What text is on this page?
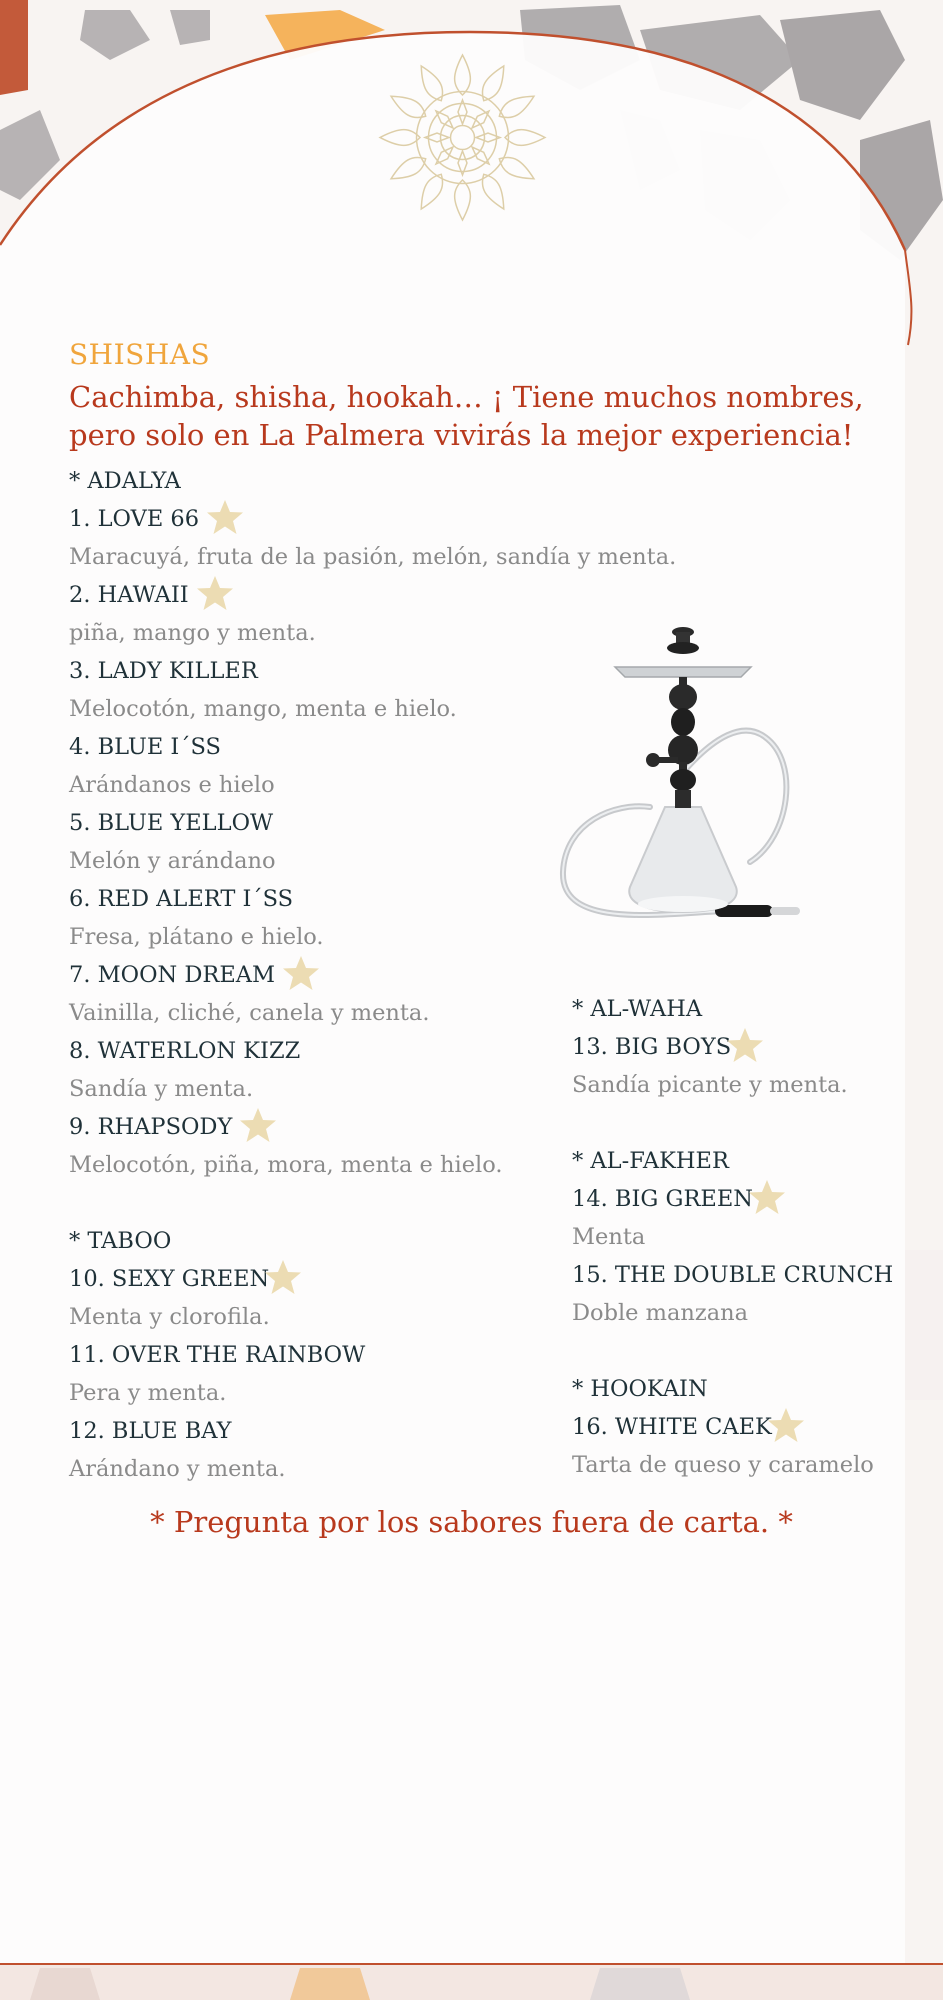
SHISHAS
Cachimba, shisha, hookah… ¡ Tiene muchos nombres, pero solo en La Palmera vivirás la mejor experiencia!
* ADALYA
1. LOVE 66
Maracuyá, fruta de la pasión, melón, sandía y menta.
2. HAWAII
piña, mango y menta.
3. LADY KILLER
Melocotón, mango, menta e hielo.
4. BLUE I´SS
Arándanos e hielo
5. BLUE YELLOW
Melón y arándano
6. RED ALERT I´SS
Fresa, plátano e hielo.
7. MOON DREAM
Vainilla, cliché, canela y menta.
8. WATERLON KIZZ
Sandía y menta.
9. RHAPSODY
Melocotón, piña, mora, menta e hielo.
* TABOO
10. SEXY GREEN
Menta y clorofila.
11. OVER THE RAINBOW
Pera y menta.
12. BLUE BAY
Arándano y menta.
* AL-WAHA
13. BIG BOYS
Sandía picante y menta.
* AL-FAKHER
14. BIG GREEN
Menta
15. THE DOUBLE CRUNCH
Doble manzana
* HOOKAIN
16. WHITE CAEK
Tarta de queso y caramelo
* Pregunta por los sabores fuera de carta. *
